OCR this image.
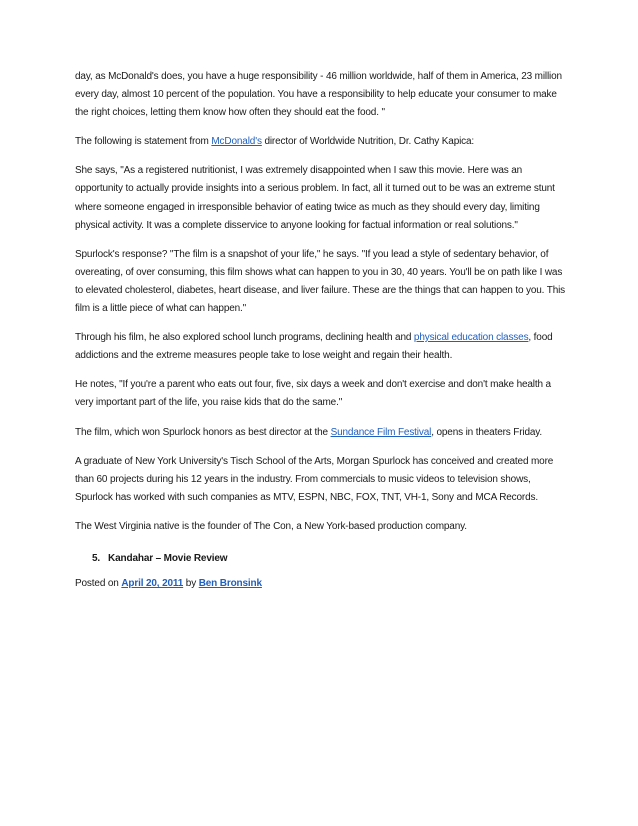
day, as McDonald's does, you have a huge responsibility - 46 million worldwide, half of them in America, 23 million every day, almost 10 percent of the population. You have a responsibility to help educate your consumer to make the right choices, letting them know how often they should eat the food. "

The following is statement from McDonald's director of Worldwide Nutrition, Dr. Cathy Kapica:

She says, "As a registered nutritionist, I was extremely disappointed when I saw this movie. Here was an opportunity to actually provide insights into a serious problem. In fact, all it turned out to be was an extreme stunt where someone engaged in irresponsible behavior of eating twice as much as they should every day, limiting physical activity. It was a complete disservice to anyone looking for factual information or real solutions."

Spurlock's response? "The film is a snapshot of your life," he says. "If you lead a style of sedentary behavior, of overeating, of over consuming, this film shows what can happen to you in 30, 40 years. You'll be on path like I was to elevated cholesterol, diabetes, heart disease, and liver failure. These are the things that can happen to you. This film is a little piece of what can happen."

Through his film, he also explored school lunch programs, declining health and physical education classes, food addictions and the extreme measures people take to lose weight and regain their health.

He notes, "If you're a parent who eats out four, five, six days a week and don't exercise and don't make health a very important part of the life, you raise kids that do the same."

The film, which won Spurlock honors as best director at the Sundance Film Festival, opens in theaters Friday.

A graduate of New York University's Tisch School of the Arts, Morgan Spurlock has conceived and created more than 60 projects during his 12 years in the industry. From commercials to music videos to television shows, Spurlock has worked with such companies as MTV, ESPN, NBC, FOX, TNT, VH-1, Sony and MCA Records.

The West Virginia native is the founder of The Con, a New York-based production company.

5. Kandahar – Movie Review

Posted on April 20, 2011 by Ben Bronsink
